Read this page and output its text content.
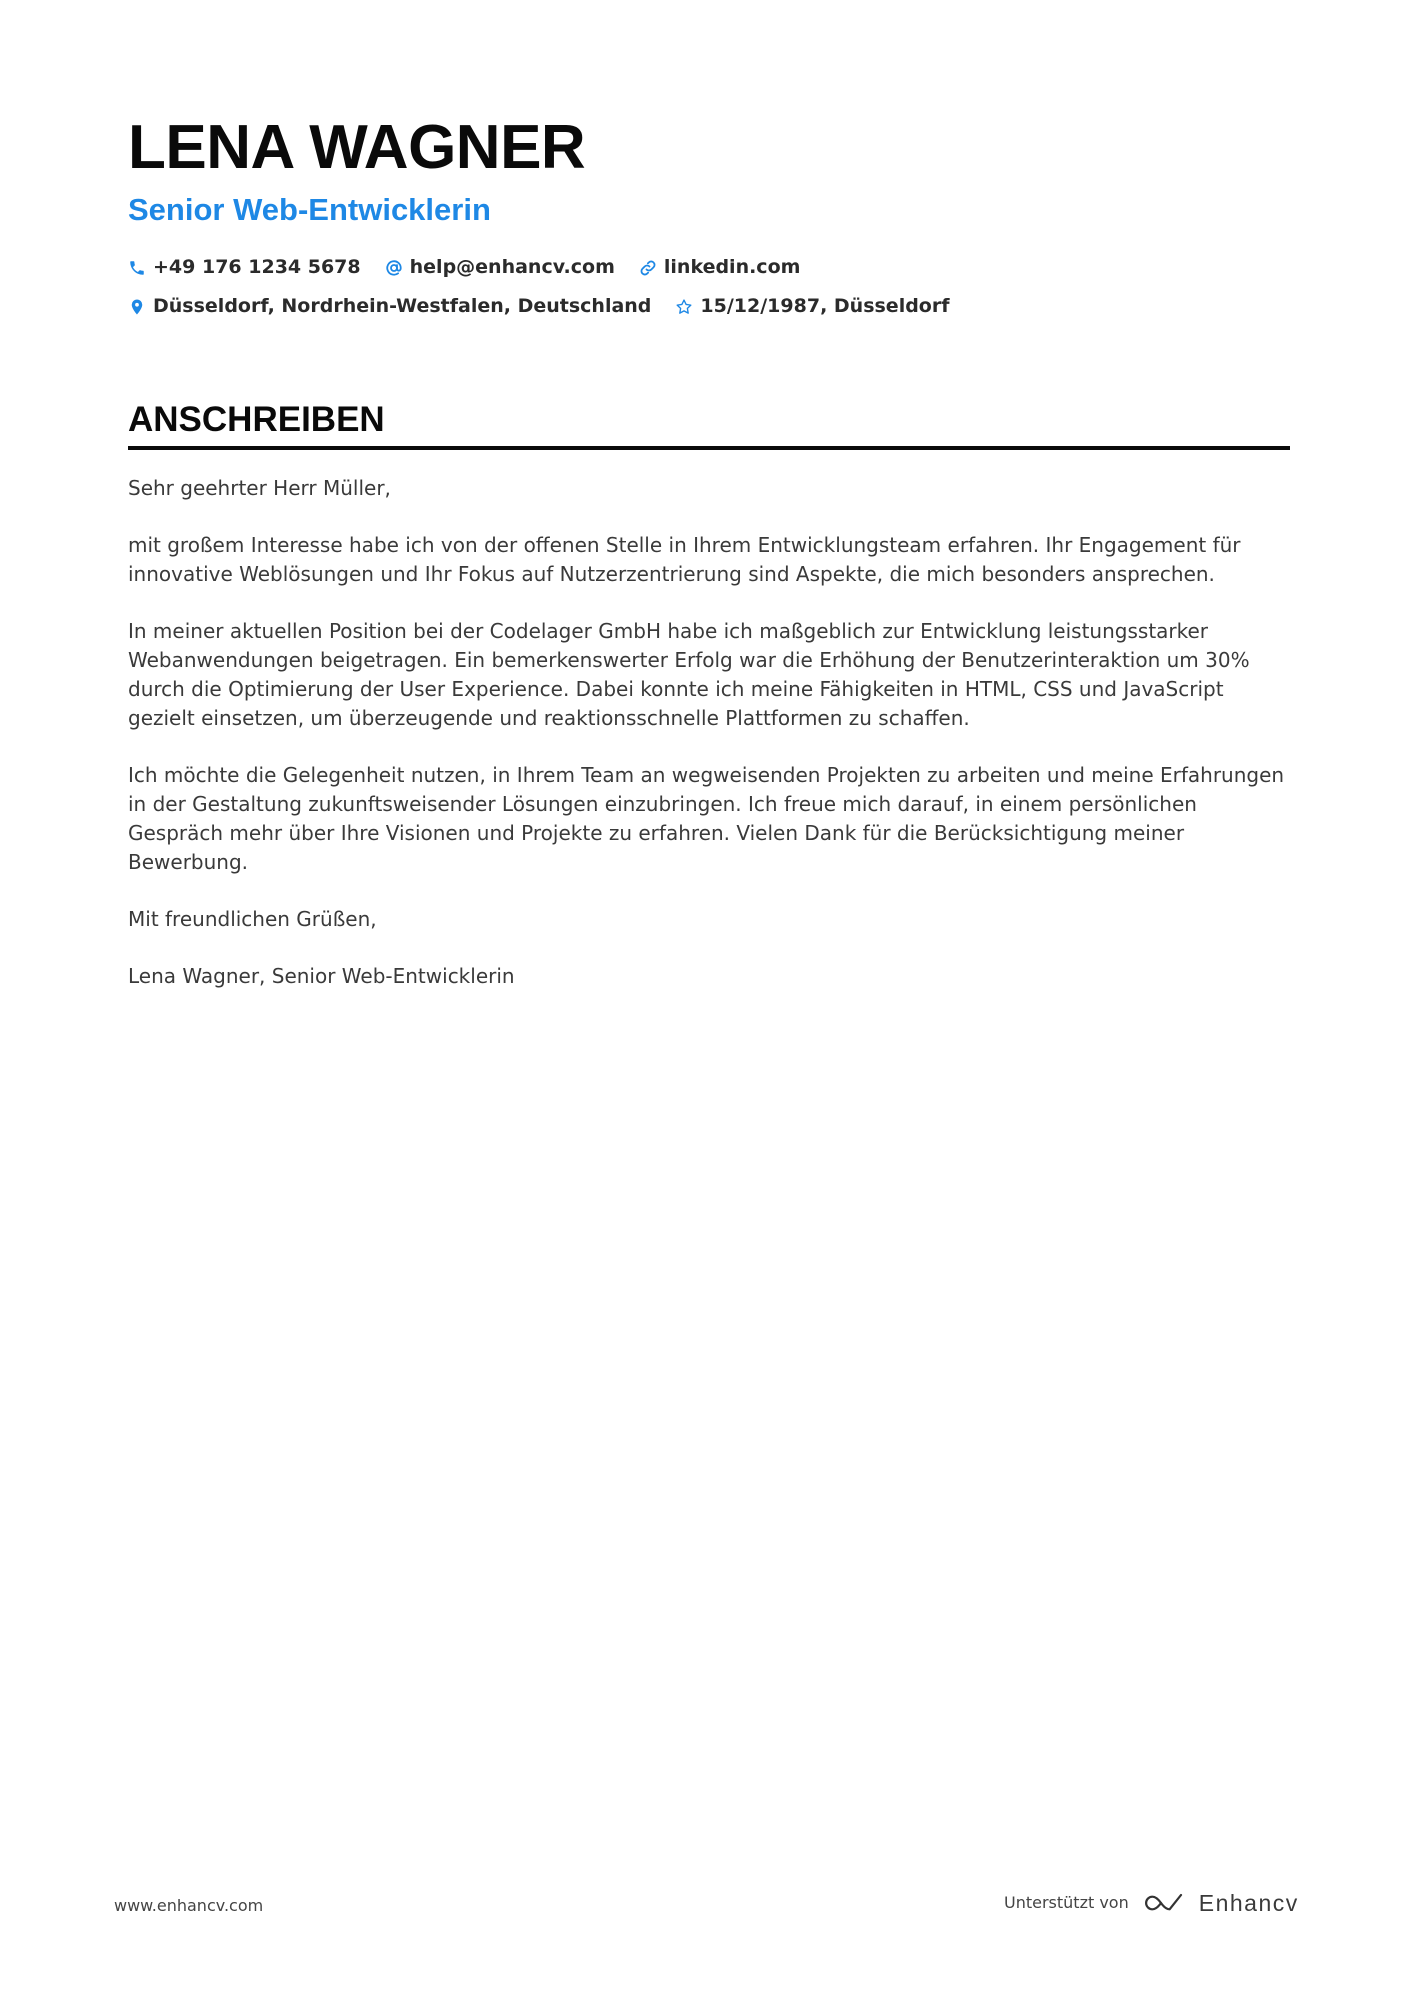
LENA WAGNER
Senior Web-Entwicklerin
+49 176 1234 5678	help@enhancv.com	linkedin.com
Düsseldorf, Nordrhein-Westfalen, Deutschland	15/12/1987, Düsseldorf
ANSCHREIBEN

Sehr geehrter Herr Müller,

mit großem Interesse habe ich von der offenen Stelle in Ihrem Entwicklungsteam erfahren. Ihr Engagement für innovative Weblösungen und Ihr Fokus auf Nutzerzentrierung sind Aspekte, die mich besonders ansprechen.

In meiner aktuellen Position bei der Codelager GmbH habe ich maßgeblich zur Entwicklung leistungsstarker Webanwendungen beigetragen. Ein bemerkenswerter Erfolg war die Erhöhung der Benutzerinteraktion um 30% durch die Optimierung der User Experience. Dabei konnte ich meine Fähigkeiten in HTML, CSS und JavaScript gezielt einsetzen, um überzeugende und reaktionsschnelle Plattformen zu schaffen.

Ich möchte die Gelegenheit nutzen, in Ihrem Team an wegweisenden Projekten zu arbeiten und meine Erfahrungen in der Gestaltung zukunftsweisender Lösungen einzubringen. Ich freue mich darauf, in einem persönlichen Gespräch mehr über Ihre Visionen und Projekte zu erfahren. Vielen Dank für die Berücksichtigung meiner Bewerbung.

Mit freundlichen Grüßen,

Lena Wagner, Senior Web-Entwicklerin

www.enhancv.com	Unterstützt von	Enhancv
